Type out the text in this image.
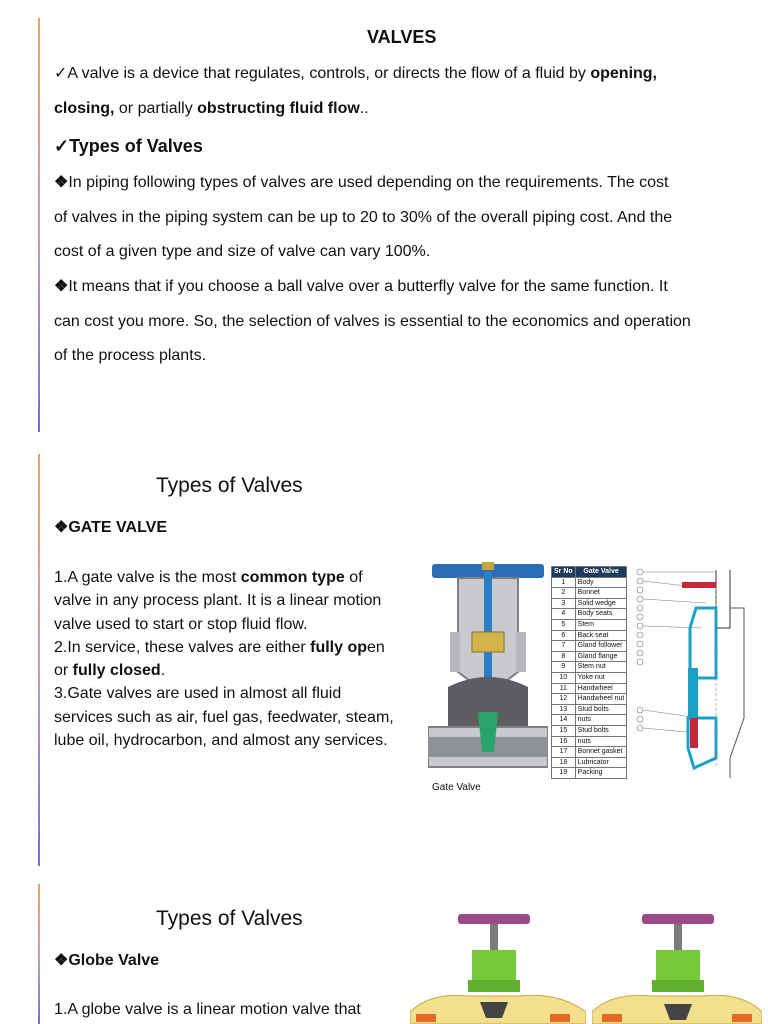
VALVES
✓A valve is a device that regulates, controls, or directs the flow of a fluid by opening,
closing, or partially obstructing fluid flow..
✓Types of Valves
❖In piping following types of valves are used depending on the requirements. The cost
of valves in the piping system can be up to 20 to 30% of the overall piping cost. And the
cost of a given type and size of valve can vary 100%.
❖It means that if you choose a ball valve over a butterfly valve for the same function. It
can cost you more. So, the selection of valves is essential to the economics and operation
of the process plants.
Types of Valves
❖GATE VALVE
1.A gate valve is the most common type of
valve in any process plant. It is a linear motion
valve used to start or stop fluid flow.
2.In service, these valves are either fully open
or fully closed.
3.Gate valves are used in almost all fluid
services such as air, fuel gas, feedwater, steam,
lube oil, hydrocarbon, and almost any services.
Sr No	Gate Valve
1	Body
2	Bonnet
3	Solid wedge
4	Body seats
5	Stem
6	Back seat
7	Gland follower
8	Gland flange
9	Stem nut
10	Yoke nut
11	Handwheel
12	Handwheel nut
13	Stud bolts
14	nuts
15	Stud bolts
16	nuts
17	Bonnet gasket
18	Lubricator
19	Packing
Gate Valve
Types of Valves
❖Globe Valve
1.A globe valve is a linear motion valve that
